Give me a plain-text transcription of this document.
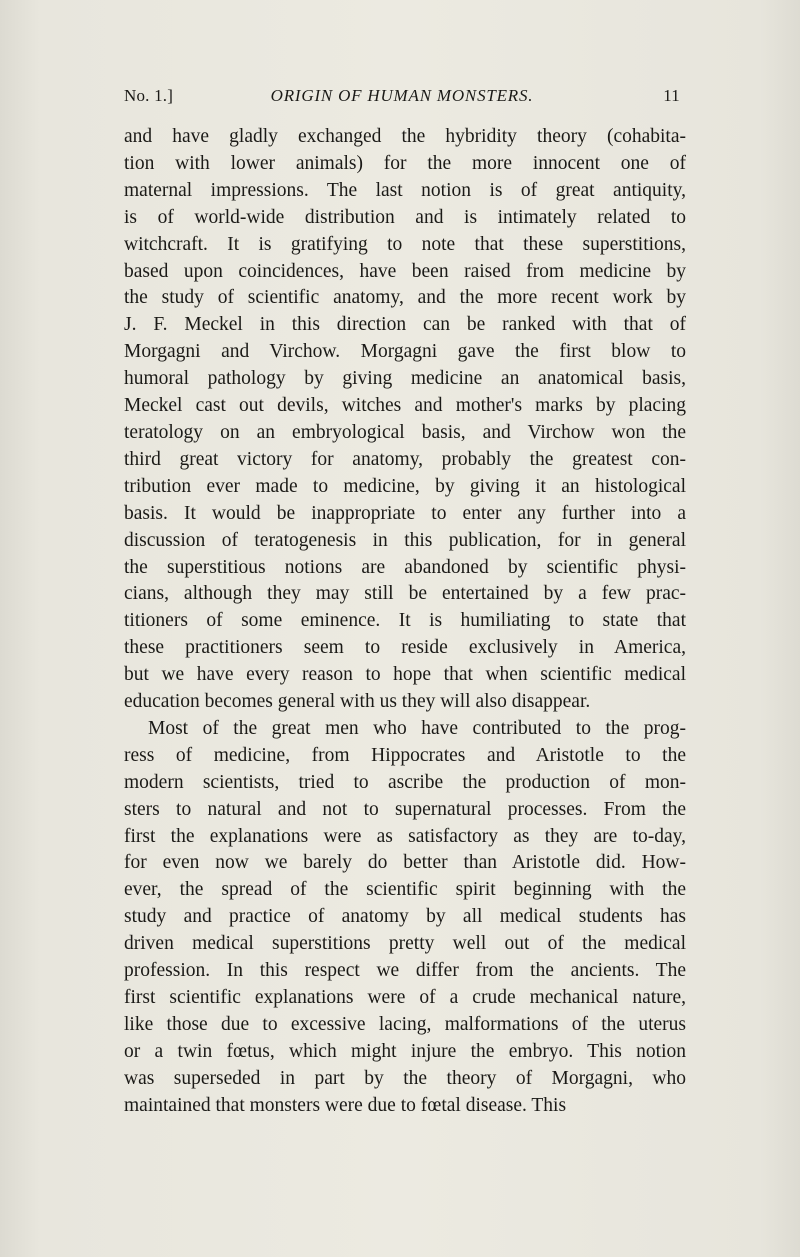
No. 1.]	ORIGIN OF HUMAN MONSTERS.	11
and have gladly exchanged the hybridity theory (cohabita-
tion with lower animals) for the more innocent one of
maternal impressions. The last notion is of great antiquity,
is of world-wide distribution and is intimately related to
witchcraft. It is gratifying to note that these superstitions,
based upon coincidences, have been raised from medicine by
the study of scientific anatomy, and the more recent work by
J. F. Meckel in this direction can be ranked with that of
Morgagni and Virchow. Morgagni gave the first blow to
humoral pathology by giving medicine an anatomical basis,
Meckel cast out devils, witches and mother's marks by placing
teratology on an embryological basis, and Virchow won the
third great victory for anatomy, probably the greatest con-
tribution ever made to medicine, by giving it an histological
basis. It would be inappropriate to enter any further into a
discussion of teratogenesis in this publication, for in general
the superstitious notions are abandoned by scientific physi-
cians, although they may still be entertained by a few prac-
titioners of some eminence. It is humiliating to state that
these practitioners seem to reside exclusively in America,
but we have every reason to hope that when scientific medical
education becomes general with us they will also disappear.
Most of the great men who have contributed to the prog-
ress of medicine, from Hippocrates and Aristotle to the
modern scientists, tried to ascribe the production of mon-
sters to natural and not to supernatural processes. From the
first the explanations were as satisfactory as they are to-day,
for even now we barely do better than Aristotle did. How-
ever, the spread of the scientific spirit beginning with the
study and practice of anatomy by all medical students has
driven medical superstitions pretty well out of the medical
profession. In this respect we differ from the ancients. The
first scientific explanations were of a crude mechanical nature,
like those due to excessive lacing, malformations of the uterus
or a twin fœtus, which might injure the embryo. This notion
was superseded in part by the theory of Morgagni, who
maintained that monsters were due to fœtal disease. This
